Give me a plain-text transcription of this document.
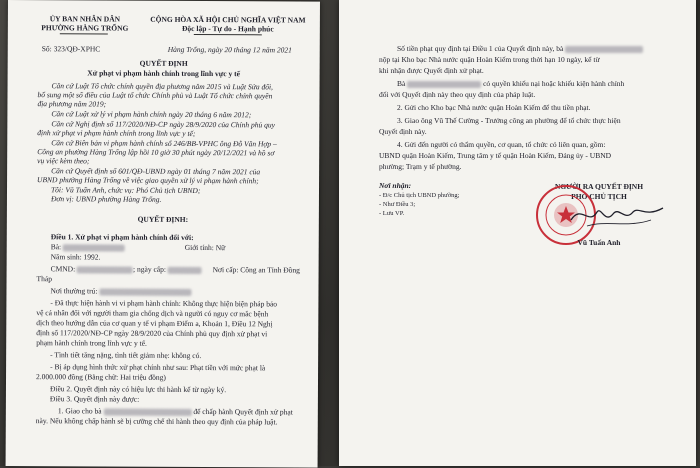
ỦY BAN NHÂN DÂN
PHƯỜNG HÀNG TRỐNG
Số: 323/QĐ-XPHC
CỘNG HÒA XÃ HỘI CHỦ NGHĨA VIỆT NAM
Độc lập - Tự do - Hạnh phúc
Hàng Trống, ngày 20 tháng 12 năm 2021
QUYẾT ĐỊNH
Xử phạt vi phạm hành chính trong lĩnh vực y tế
Căn cứ Luật Tổ chức chính quyền địa phương năm 2015 và Luật Sửa đổi,
bổ sung một số điều của Luật tổ chức Chính phủ và Luật Tổ chức chính quyền
địa phương năm 2019;
Căn cứ Luật xử lý vi phạm hành chính ngày 20 tháng 6 năm 2012;
Căn cứ Nghị định số 117/2020/NĐ-CP ngày 28/9/2020 của Chính phủ quy
định xử phạt vi phạm hành chính trong lĩnh vực y tế;
Căn cứ Biên bản vi phạm hành chính số 246/BB-VPHC ông Đỗ Văn Hợp –
Công an phường Hàng Trống lập hồi 10 giờ 30 phút ngày 20/12/2021 và hồ sơ
vụ việc kèm theo;
Căn cứ Quyết định số 601/QĐ-UBND ngày 01 tháng 7 năm 2021 của
UBND phường Hàng Trống về việc giao quyền xử lý vi phạm hành chính;
Tôi: Vũ Tuấn Anh, chức vụ: Phó Chủ tịch UBND;
Đơn vị: UBND phường Hàng Trống.
QUYẾT ĐỊNH:
Điều 1. Xử phạt vi phạm hành chính đối với:
Bà:	Giới tính: Nữ
Năm sinh: 1992.
CMND:	; ngày cấp:	Nơi cấp: Công an Tỉnh Đồng
Tháp
Nơi thường trú:
- Đã thực hiện hành vi vi phạm hành chính: Không thực hiện biện pháp bảo
vệ cá nhân đối với người tham gia chống dịch và người có nguy cơ mắc bệnh
dịch theo hướng dẫn của cơ quan y tế vi phạm Điểm a, Khoản 1, Điều 12 Nghị
định số 117/2020/NĐ-CP ngày 28/9/2020 của Chính phủ quy định xử phạt vi
phạm hành chính trong lĩnh vực y tế.
- Tình tiết tăng nặng, tình tiết giảm nhẹ: không có.
- Bị áp dụng hình thức xử phạt chính như sau: Phạt tiền với mức phạt là
2.000.000 đồng (Bằng chữ: Hai triệu đồng)
Điều 2. Quyết định này có hiệu lực thi hành kể từ ngày ký.
Điều 3. Quyết định này được:
1. Giao cho bà	để chấp hành Quyết định xử phạt
này. Nếu không chấp hành sẽ bị cưỡng chế thi hành theo quy định của pháp luật.
Số tiền phạt quy định tại Điều 1 của Quyết định này, bà
nộp tại Kho bạc Nhà nước quận Hoàn Kiếm trong thời hạn 10 ngày, kể từ
khi nhận được Quyết định xử phạt.
Bà	có quyền khiếu nại hoặc khiếu kiện hành chính
đối với Quyết định này theo quy định của pháp luật.
2. Gửi cho Kho bạc Nhà nước quận Hoàn Kiếm để thu tiền phạt.
3. Giao ông Vũ Thế Cường - Trưởng công an phường để tổ chức thực hiện
Quyết định này.
4. Gửi đến người có thẩm quyền, cơ quan, tổ chức có liên quan, gồm:
UBND quận Hoàn Kiếm, Trung tâm y tế quận Hoàn Kiếm, Đảng ủy - UBND
phường; Trạm y tế phường.
Nơi nhận:
- Đ/c Chủ tịch UBND phường;
- Như Điều 3;
- Lưu VP.
NGƯỜI RA QUYẾT ĐỊNH
PHÓ CHỦ TỊCH
Vũ Tuấn Anh
